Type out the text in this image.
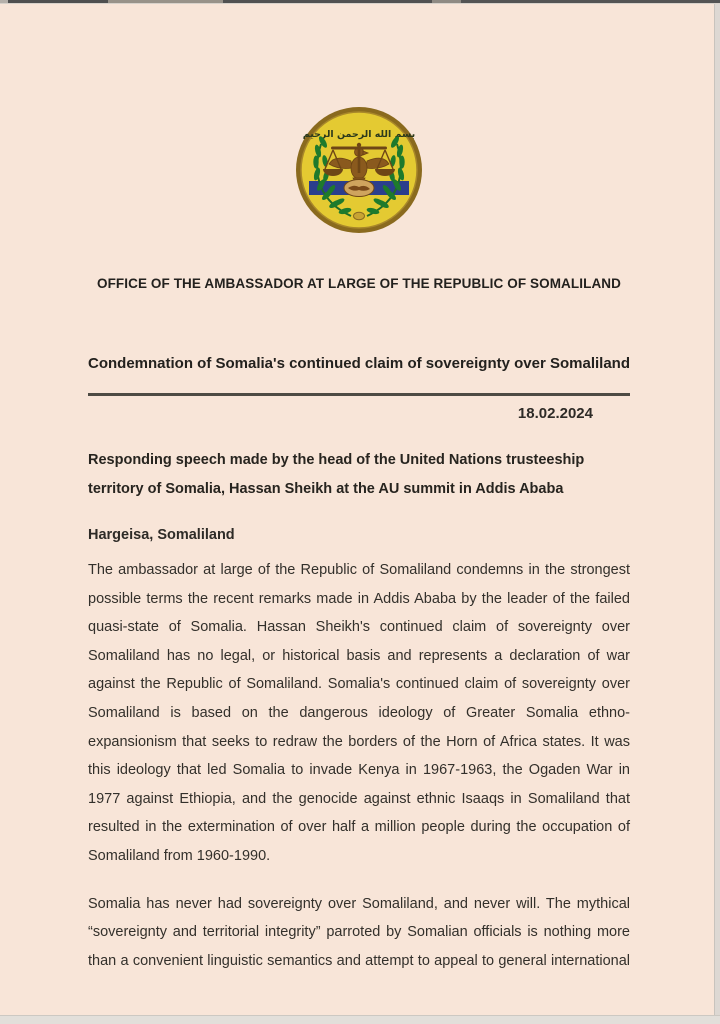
بسم الله الرحمن الرحيم
OFFICE OF THE AMBASSADOR AT LARGE OF THE REPUBLIC OF SOMALILAND
Condemnation of Somalia's continued claim of sovereignty over Somaliland
18.02.2024
Responding speech made by the head of the United Nations trusteeship territory of Somalia, Hassan Sheikh at the AU summit in Addis Ababa
Hargeisa, Somaliland

The ambassador at large of the Republic of Somaliland condemns in the strongest possible terms the recent remarks made in Addis Ababa by the leader of the failed quasi-state of Somalia. Hassan Sheikh's continued claim of sovereignty over Somaliland has no legal, or historical basis and represents a declaration of war against the Republic of Somaliland. Somalia's continued claim of sovereignty over Somaliland is based on the dangerous ideology of Greater Somalia ethno-expansionism that seeks to redraw the borders of the Horn of Africa states. It was this ideology that led Somalia to invade Kenya in 1967-1963, the Ogaden War in 1977 against Ethiopia, and the genocide against ethnic Isaaqs in Somaliland that resulted in the extermination of over half a million people during the occupation of Somaliland from 1960-1990.

Somalia has never had sovereignty over Somaliland, and never will. The mythical “sovereignty and territorial integrity” parroted by Somalian officials is nothing more than a convenient linguistic semantics and attempt to appeal to general international
